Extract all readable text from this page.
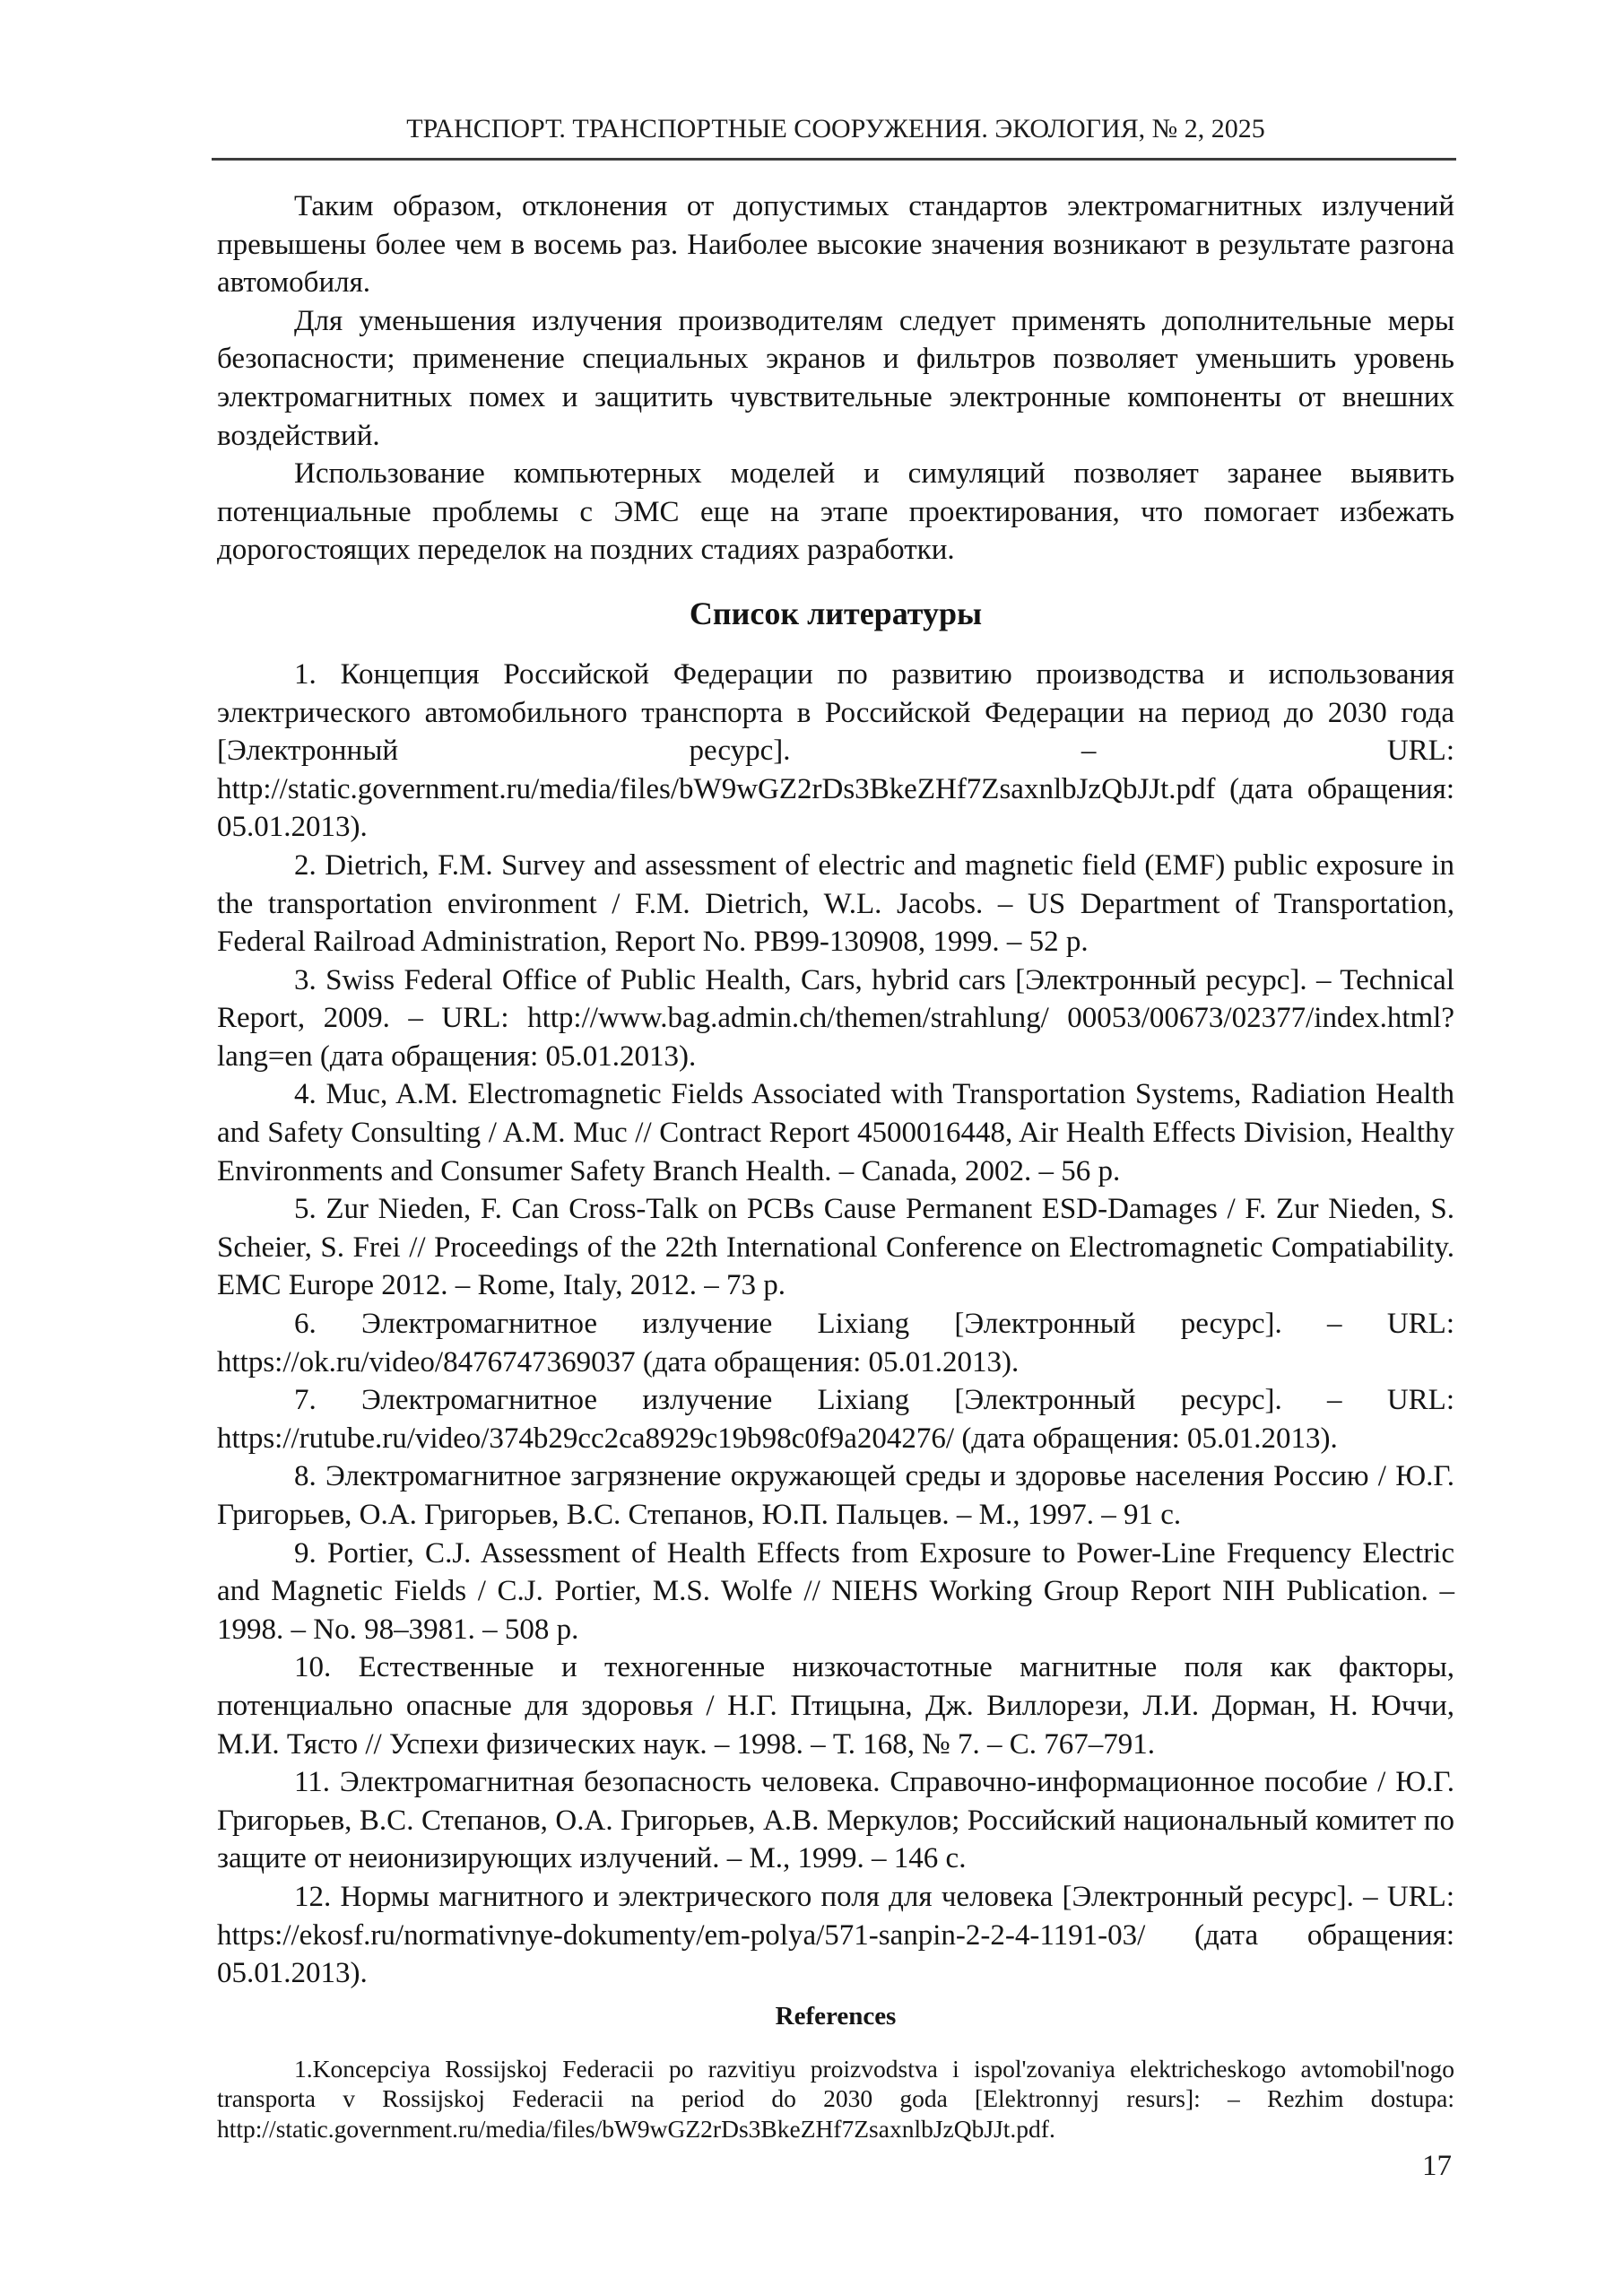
ТРАНСПОРТ. ТРАНСПОРТНЫЕ СООРУЖЕНИЯ. ЭКОЛОГИЯ, № 2, 2025

Таким образом, отклонения от допустимых стандартов электромагнитных излучений превышены более чем в восемь раз. Наиболее высокие значения возникают в результате разгона автомобиля.

Для уменьшения излучения производителям следует применять дополнительные меры безопасности; применение специальных экранов и фильтров позволяет уменьшить уровень электромагнитных помех и защитить чувствительные электронные компоненты от внешних воздействий.

Использование компьютерных моделей и симуляций позволяет заранее выявить потенциальные проблемы с ЭМС еще на этапе проектирования, что помогает избежать дорогостоящих переделок на поздних стадиях разработки.

Список литературы

1. Концепция Российской Федерации по развитию производства и использования электрического автомобильного транспорта в Российской Федерации на период до 2030 года [Электронный ресурс]. – URL: http://static.government.ru/media/files/bW9wGZ2rDs3BkeZHf7ZsaxnlbJzQbJJt.pdf (дата обращения: 05.01.2013).

2. Dietrich, F.M. Survey and assessment of electric and magnetic field (EMF) public exposure in the transportation environment / F.M. Dietrich, W.L. Jacobs. – US Department of Transportation, Federal Railroad Administration, Report No. PB99-130908, 1999. – 52 p.

3. Swiss Federal Office of Public Health, Cars, hybrid cars [Электронный ресурс]. – Technical Report, 2009. – URL: http://www.bag.admin.ch/themen/strahlung/ 00053/00673/02377/index.html?lang=en (дата обращения: 05.01.2013).

4. Muc, A.M. Electromagnetic Fields Associated with Transportation Systems, Radiation Health and Safety Consulting / A.M. Muc // Contract Report 4500016448, Air Health Effects Division, Healthy Environments and Consumer Safety Branch Health. – Canada, 2002. – 56 p.

5. Zur Nieden, F. Can Cross-Talk on PCBs Cause Permanent ESD-Damages / F. Zur Nieden, S. Scheier, S. Frei // Proceedings of the 22th International Conference on Electromagnetic Compatiability. EMC Europe 2012. – Rome, Italy, 2012. – 73 p.

6. Электромагнитное излучение Lixiang [Электронный ресурс]. – URL: https://ok.ru/video/8476747369037 (дата обращения: 05.01.2013).

7. Электромагнитное излучение Lixiang [Электронный ресурс]. – URL: https://rutube.ru/video/374b29cc2ca8929c19b98c0f9a204276/ (дата обращения: 05.01.2013).

8. Электромагнитное загрязнение окружающей среды и здоровье населения Россию / Ю.Г. Григорьев, О.А. Григорьев, В.С. Степанов, Ю.П. Пальцев. – М., 1997. – 91 с.

9. Portier, C.J. Assessment of Health Effects from Exposure to Power-Line Frequency Electric and Magnetic Fields / C.J. Portier, M.S. Wolfe // NIEHS Working Group Report NIH Publication. – 1998. – No. 98–3981. – 508 p.

10. Естественные и техногенные низкочастотные магнитные поля как факторы, потенциально опасные для здоровья / Н.Г. Птицына, Дж. Виллорези, Л.И. Дорман, Н. Юччи, М.И. Тясто // Успехи физических наук. – 1998. – Т. 168, № 7. – С. 767–791.

11. Электромагнитная безопасность человека. Справочно-информационное пособие / Ю.Г. Григорьев, В.С. Степанов, О.А. Григорьев, А.В. Меркулов; Российский национальный комитет по защите от неионизирующих излучений. – М., 1999. – 146 с.

12. Нормы магнитного и электрического поля для человека [Электронный ресурс]. – URL: https://ekosf.ru/normativnye-dokumenty/em-polya/571-sanpin-2-2-4-1191-03/ (дата обращения: 05.01.2013).

References

1.Koncepciya Rossijskoj Federacii po razvitiyu proizvodstva i ispol'zovaniya elektricheskogo avtomobil'nogo transporta v Rossijskoj Federacii na period do 2030 goda [Elektronnyj resurs]: – Rezhim dostupa: http://static.government.ru/media/files/bW9wGZ2rDs3BkeZHf7ZsaxnlbJzQbJJt.pdf.

17
